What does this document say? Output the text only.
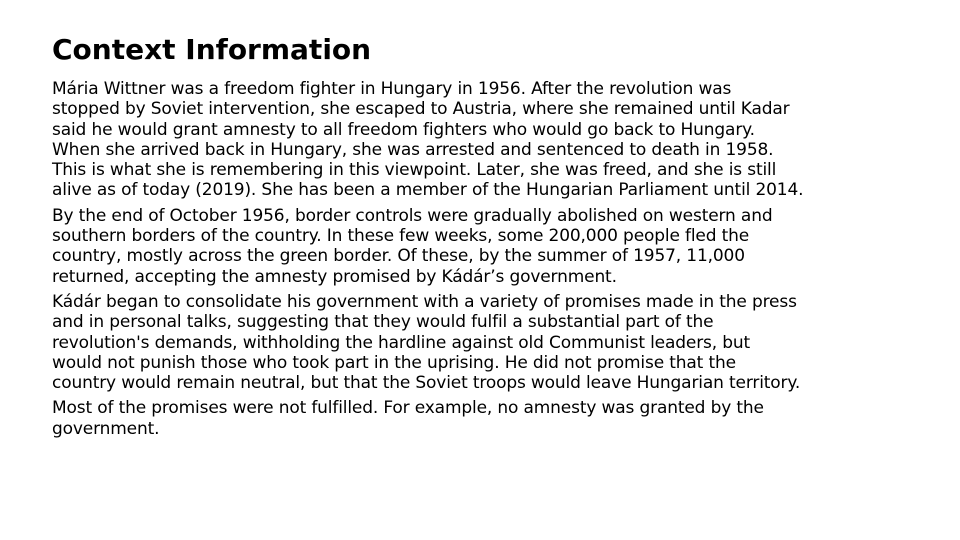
Context Information

Mária Wittner was a freedom fighter in Hungary in 1956. After the revolution was
stopped by Soviet intervention, she escaped to Austria, where she remained until Kadar
said he would grant amnesty to all freedom fighters who would go back to Hungary.
When she arrived back in Hungary, she was arrested and sentenced to death in 1958.
This is what she is remembering in this viewpoint. Later, she was freed, and she is still
alive as of today (2019). She has been a member of the Hungarian Parliament until 2014.

By the end of October 1956, border controls were gradually abolished on western and
southern borders of the country. In these few weeks, some 200,000 people fled the
country, mostly across the green border. Of these, by the summer of 1957, 11,000
returned, accepting the amnesty promised by Kádár’s government.

Kádár began to consolidate his government with a variety of promises made in the press
and in personal talks, suggesting that they would fulfil a substantial part of the
revolution's demands, withholding the hardline against old Communist leaders, but
would not punish those who took part in the uprising. He did not promise that the
country would remain neutral, but that the Soviet troops would leave Hungarian territory.

Most of the promises were not fulfilled. For example, no amnesty was granted by the
government.
